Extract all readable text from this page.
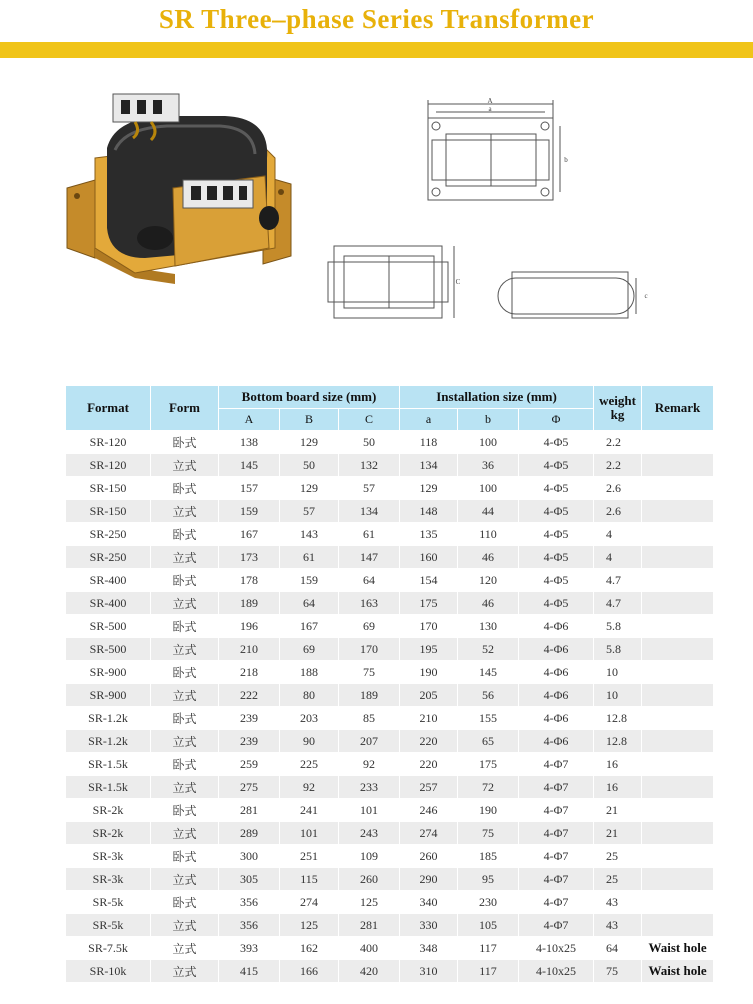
SR Three–phase Series Transformer
A
a
b
C
c
Format	Form	Bottom board size (mm)			Installation size (mm)			weight kg	Remark
		A	B	C	a	b	Φ		
SR-120	卧式	138	129	50	118	100	4-Φ5	2.2	
SR-120	立式	145	50	132	134	36	4-Φ5	2.2	
SR-150	卧式	157	129	57	129	100	4-Φ5	2.6	
SR-150	立式	159	57	134	148	44	4-Φ5	2.6	
SR-250	卧式	167	143	61	135	110	4-Φ5	4	
SR-250	立式	173	61	147	160	46	4-Φ5	4	
SR-400	卧式	178	159	64	154	120	4-Φ5	4.7	
SR-400	立式	189	64	163	175	46	4-Φ5	4.7	
SR-500	卧式	196	167	69	170	130	4-Φ6	5.8	
SR-500	立式	210	69	170	195	52	4-Φ6	5.8	
SR-900	卧式	218	188	75	190	145	4-Φ6	10	
SR-900	立式	222	80	189	205	56	4-Φ6	10	
SR-1.2k	卧式	239	203	85	210	155	4-Φ6	12.8	
SR-1.2k	立式	239	90	207	220	65	4-Φ6	12.8	
SR-1.5k	卧式	259	225	92	220	175	4-Φ7	16	
SR-1.5k	立式	275	92	233	257	72	4-Φ7	16	
SR-2k	卧式	281	241	101	246	190	4-Φ7	21	
SR-2k	立式	289	101	243	274	75	4-Φ7	21	
SR-3k	卧式	300	251	109	260	185	4-Φ7	25	
SR-3k	立式	305	115	260	290	95	4-Φ7	25	
SR-5k	卧式	356	274	125	340	230	4-Φ7	43	
SR-5k	立式	356	125	281	330	105	4-Φ7	43	
SR-7.5k	立式	393	162	400	348	117	4-10x25	64	Waist hole
SR-10k	立式	415	166	420	310	117	4-10x25	75	Waist hole
